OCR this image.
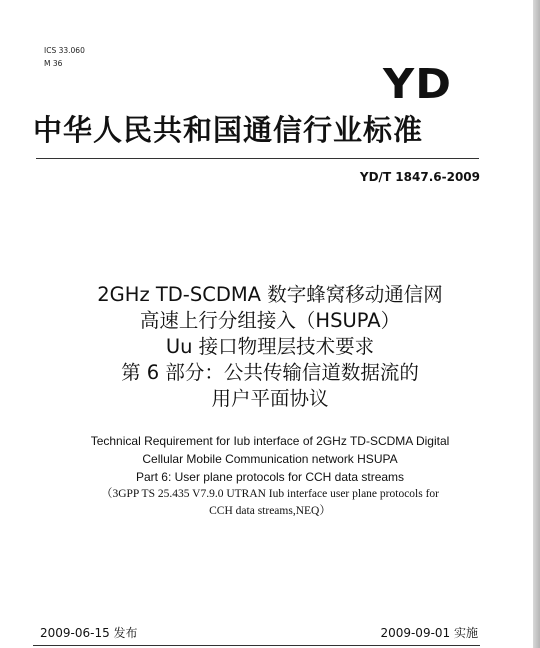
ICS 33.060
M 36	YD
中华人民共和国通信行业标准
YD/T 1847.6-2009
2GHz TD-SCDMA 数字蜂窝移动通信网
高速上行分组接入（HSUPA）
Uu 接口物理层技术要求
第 6 部分：公共传输信道数据流的
用户平面协议
Technical Requirement for Iub interface of 2GHz TD-SCDMA Digital
Cellular Mobile Communication network HSUPA
Part 6: User plane protocols for CCH data streams
（3GPP TS 25.435 V7.9.0 UTRAN Iub interface user plane protocols for
CCH data streams,NEQ）
2009-06-15 发布	2009-09-01 实施
